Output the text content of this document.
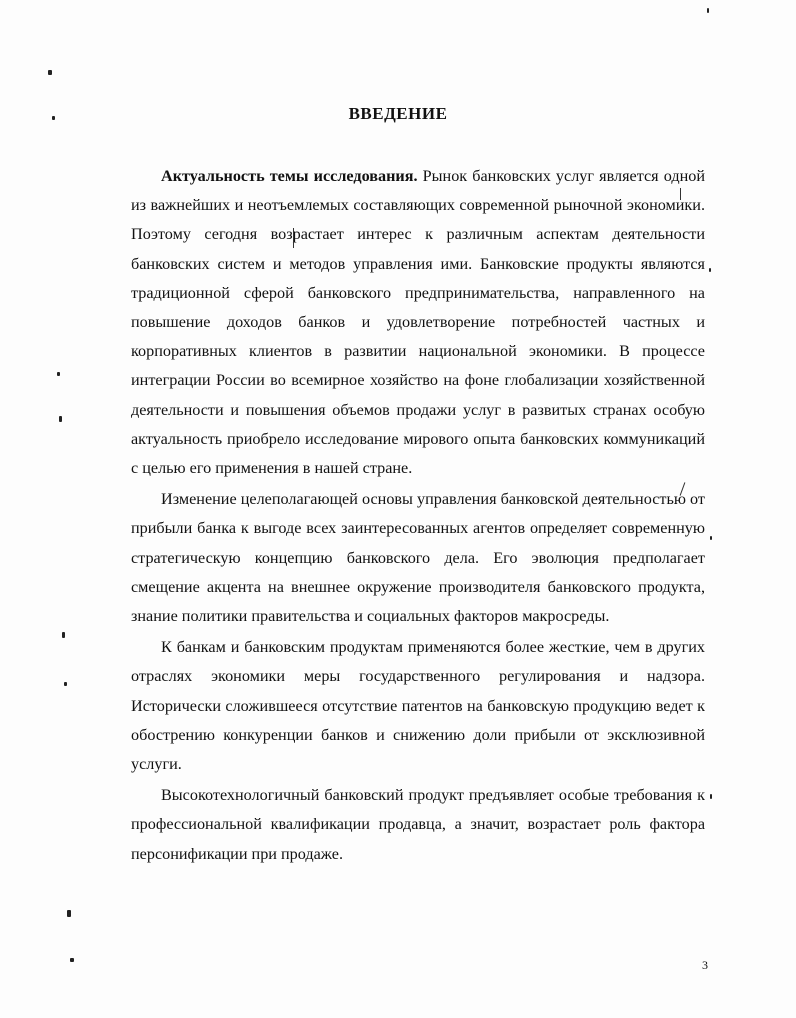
ВВЕДЕНИЕ

Актуальность темы исследования. Рынок банковских услуг является одной из важнейших и неотъемлемых составляющих современной рыночной экономики. Поэтому сегодня возрастает интерес к различным аспектам деятельности банковских систем и методов управления ими. Банковские продукты являются традиционной сферой банковского предпринимательства, направленного на повышение доходов банков и удовлетворение потребностей частных и корпоративных клиентов в развитии национальной экономики. В процессе интеграции России во всемирное хозяйство на фоне глобализации хозяйственной деятельности и повышения объемов продажи услуг в развитых странах особую актуальность приобрело исследование мирового опыта банковских коммуникаций с целью его применения в нашей стране.

Изменение целеполагающей основы управления банковской деятельностью от прибыли банка к выгоде всех заинтересованных агентов определяет современную стратегическую концепцию банковского дела. Его эволюция предполагает смещение акцента на внешнее окружение производителя банковского продукта, знание политики правительства и социальных факторов макросреды.

К банкам и банковским продуктам применяются более жесткие, чем в других отраслях экономики меры государственного регулирования и надзора. Исторически сложившееся отсутствие патентов на банковскую продукцию ведет к обострению конкуренции банков и снижению доли прибыли от эксклюзивной услуги.

Высокотехнологичный банковский продукт предъявляет особые требования к профессиональной квалификации продавца, а значит, возрастает роль фактора персонификации при продаже.

3
